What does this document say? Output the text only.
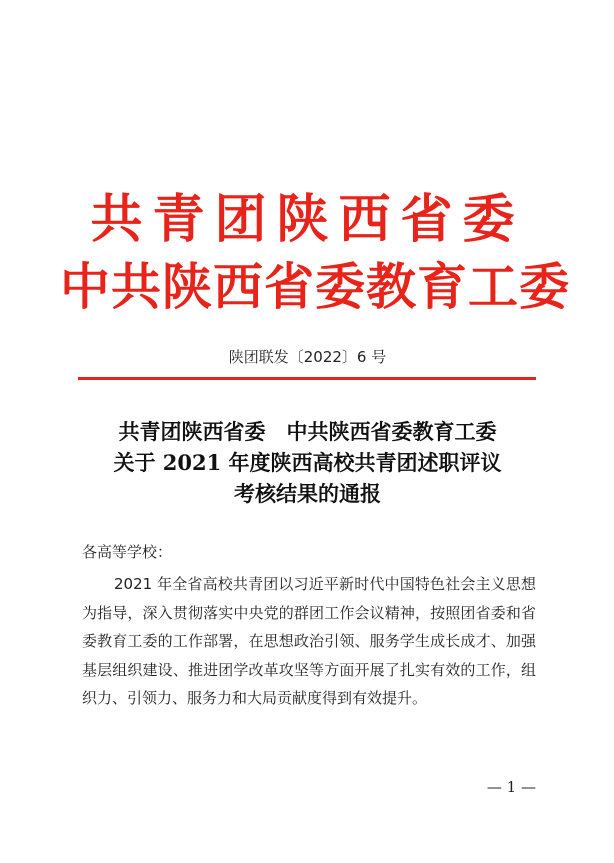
共青团陕西省委
中共陕西省委教育工委
陕团联发〔2022〕6 号
共青团陕西省委　中共陕西省委教育工委
关于 2021 年度陕西高校共青团述职评议
考核结果的通报
各高等学校：
2021 年全省高校共青团以习近平新时代中国特色社会主义思想为指导，深入贯彻落实中央党的群团工作会议精神，按照团省委和省委教育工委的工作部署，在思想政治引领、服务学生成长成才、加强基层组织建设、推进团学改革攻坚等方面开展了扎实有效的工作，组织力、引领力、服务力和大局贡献度得到有效提升。
— 1 —
